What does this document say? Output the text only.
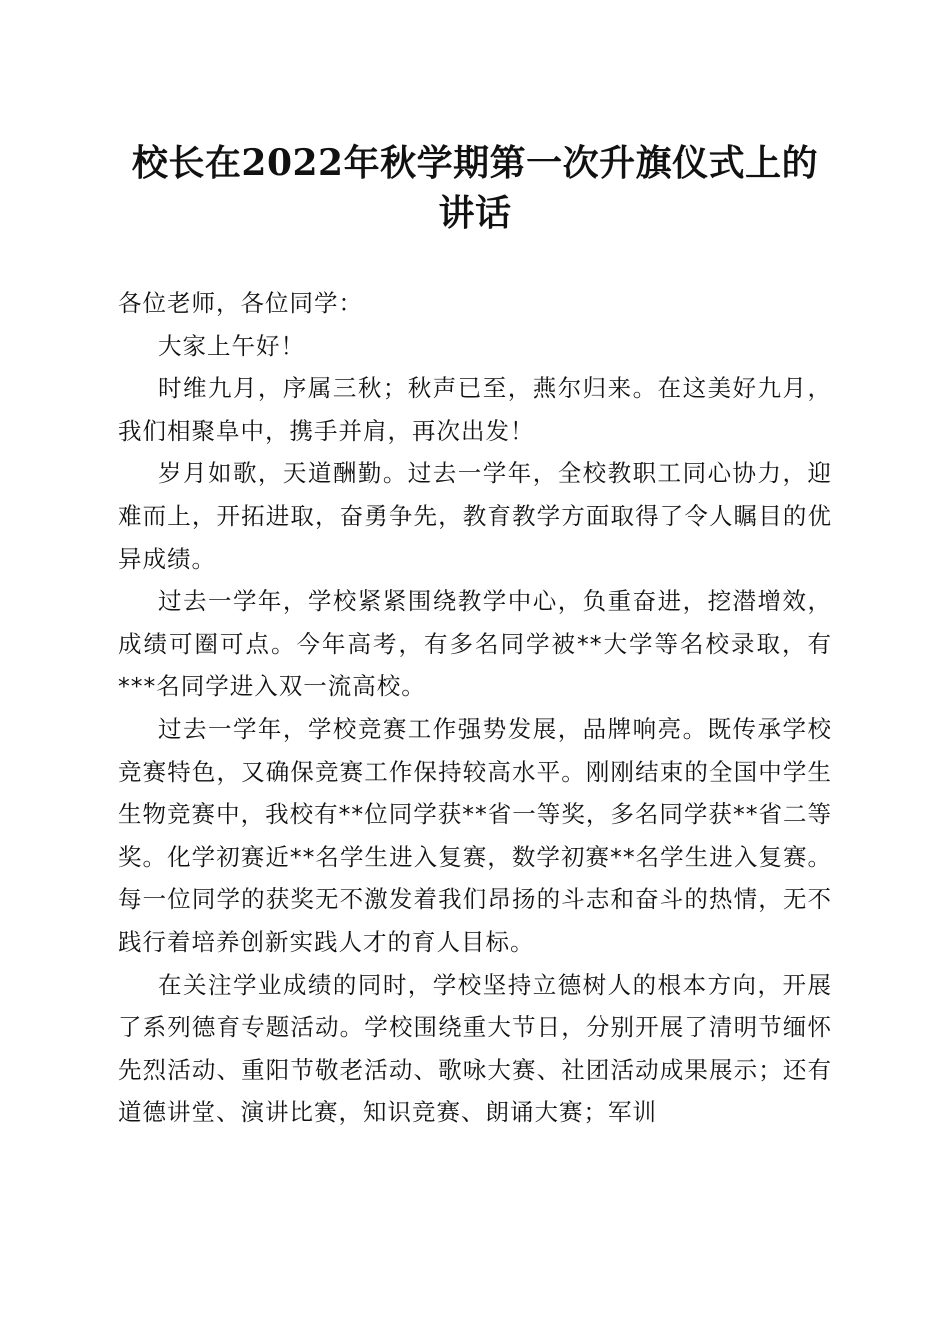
校长在2022年秋学期第一次升旗仪式上的讲话

各位老师，各位同学：

大家上午好！

时维九月，序属三秋；秋声已至，燕尔归来。在这美好九月，我们相聚阜中，携手并肩，再次出发！

岁月如歌，天道酬勤。过去一学年，全校教职工同心协力，迎难而上，开拓进取，奋勇争先，教育教学方面取得了令人瞩目的优异成绩。

过去一学年，学校紧紧围绕教学中心，负重奋进，挖潜增效，成绩可圈可点。今年高考，有多名同学被**大学等名校录取，有***名同学进入双一流高校。

过去一学年，学校竞赛工作强势发展，品牌响亮。既传承学校竞赛特色，又确保竞赛工作保持较高水平。刚刚结束的全国中学生生物竞赛中，我校有**位同学获**省一等奖，多名同学获**省二等奖。化学初赛近**名学生进入复赛，数学初赛**名学生进入复赛。每一位同学的获奖无不激发着我们昂扬的斗志和奋斗的热情，无不践行着培养创新实践人才的育人目标。

在关注学业成绩的同时，学校坚持立德树人的根本方向，开展了系列德育专题活动。学校围绕重大节日，分别开展了清明节缅怀先烈活动、重阳节敬老活动、歌咏大赛、社团活动成果展示；还有道德讲堂、演讲比赛，知识竞赛、朗诵大赛；军训
